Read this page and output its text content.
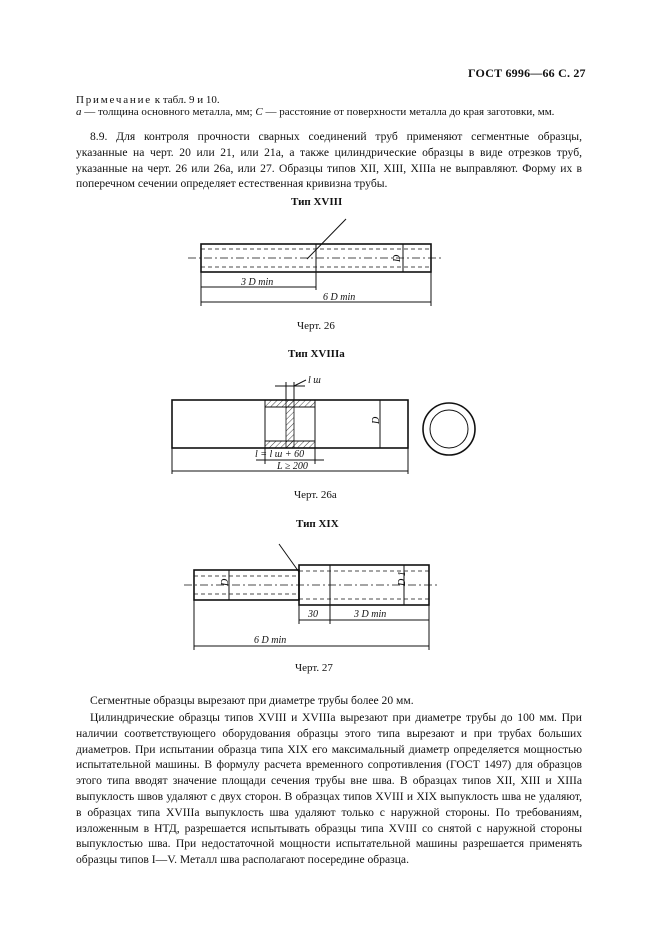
ГОСТ 6996—66 С. 27
Примечание к табл. 9 и 10.
a — толщина основного металла, мм; C — расстояние от поверхности металла до края заготовки, мм.
8.9. Для контроля прочности сварных соединений труб применяют сегментные образцы, указанные на черт. 20 или 21, или 21а, а также цилиндрические образцы в виде отрезков труб, указанные на черт. 26 или 26а, или 27. Образцы типов XII, XIII, XIIIa не выправляют. Форму их в поперечном сечении определяет естественная кривизна трубы.
Тип XVIII
D
3 D min
6 D min
Черт. 26
Тип XVIIIa
l ш
D
l = l ш + 60
L ≥ 200
Черт. 26а
Тип XIX
D	D 1
30	3 D min
6 D min
Черт. 27
Сегментные образцы вырезают при диаметре трубы более 20 мм.
Цилиндрические образцы типов XVIII и XVIIIa вырезают при диаметре трубы до 100 мм. При наличии соответствующего оборудования образцы этого типа вырезают и при трубах больших диаметров. При испытании образца типа XIX его максимальный диаметр определяется мощностью испытательной машины. В формулу расчета временного сопротивления (ГОСТ 1497) для образцов этого типа вводят значение площади сечения трубы вне шва. В образцах типов XII, XIII и XIIIa выпуклость швов удаляют с двух сторон. В образцах типов XVIII и XIX выпуклость шва не удаляют, в образцах типа XVIIIa выпуклость шва удаляют только с наружной стороны. По требованиям, изложенным в НТД, разрешается испытывать образцы типа XVIII со снятой с наружной стороны выпуклостью шва. При недостаточной мощности испытательной машины разрешается применять образцы типов I—V. Металл шва располагают посередине образца.
